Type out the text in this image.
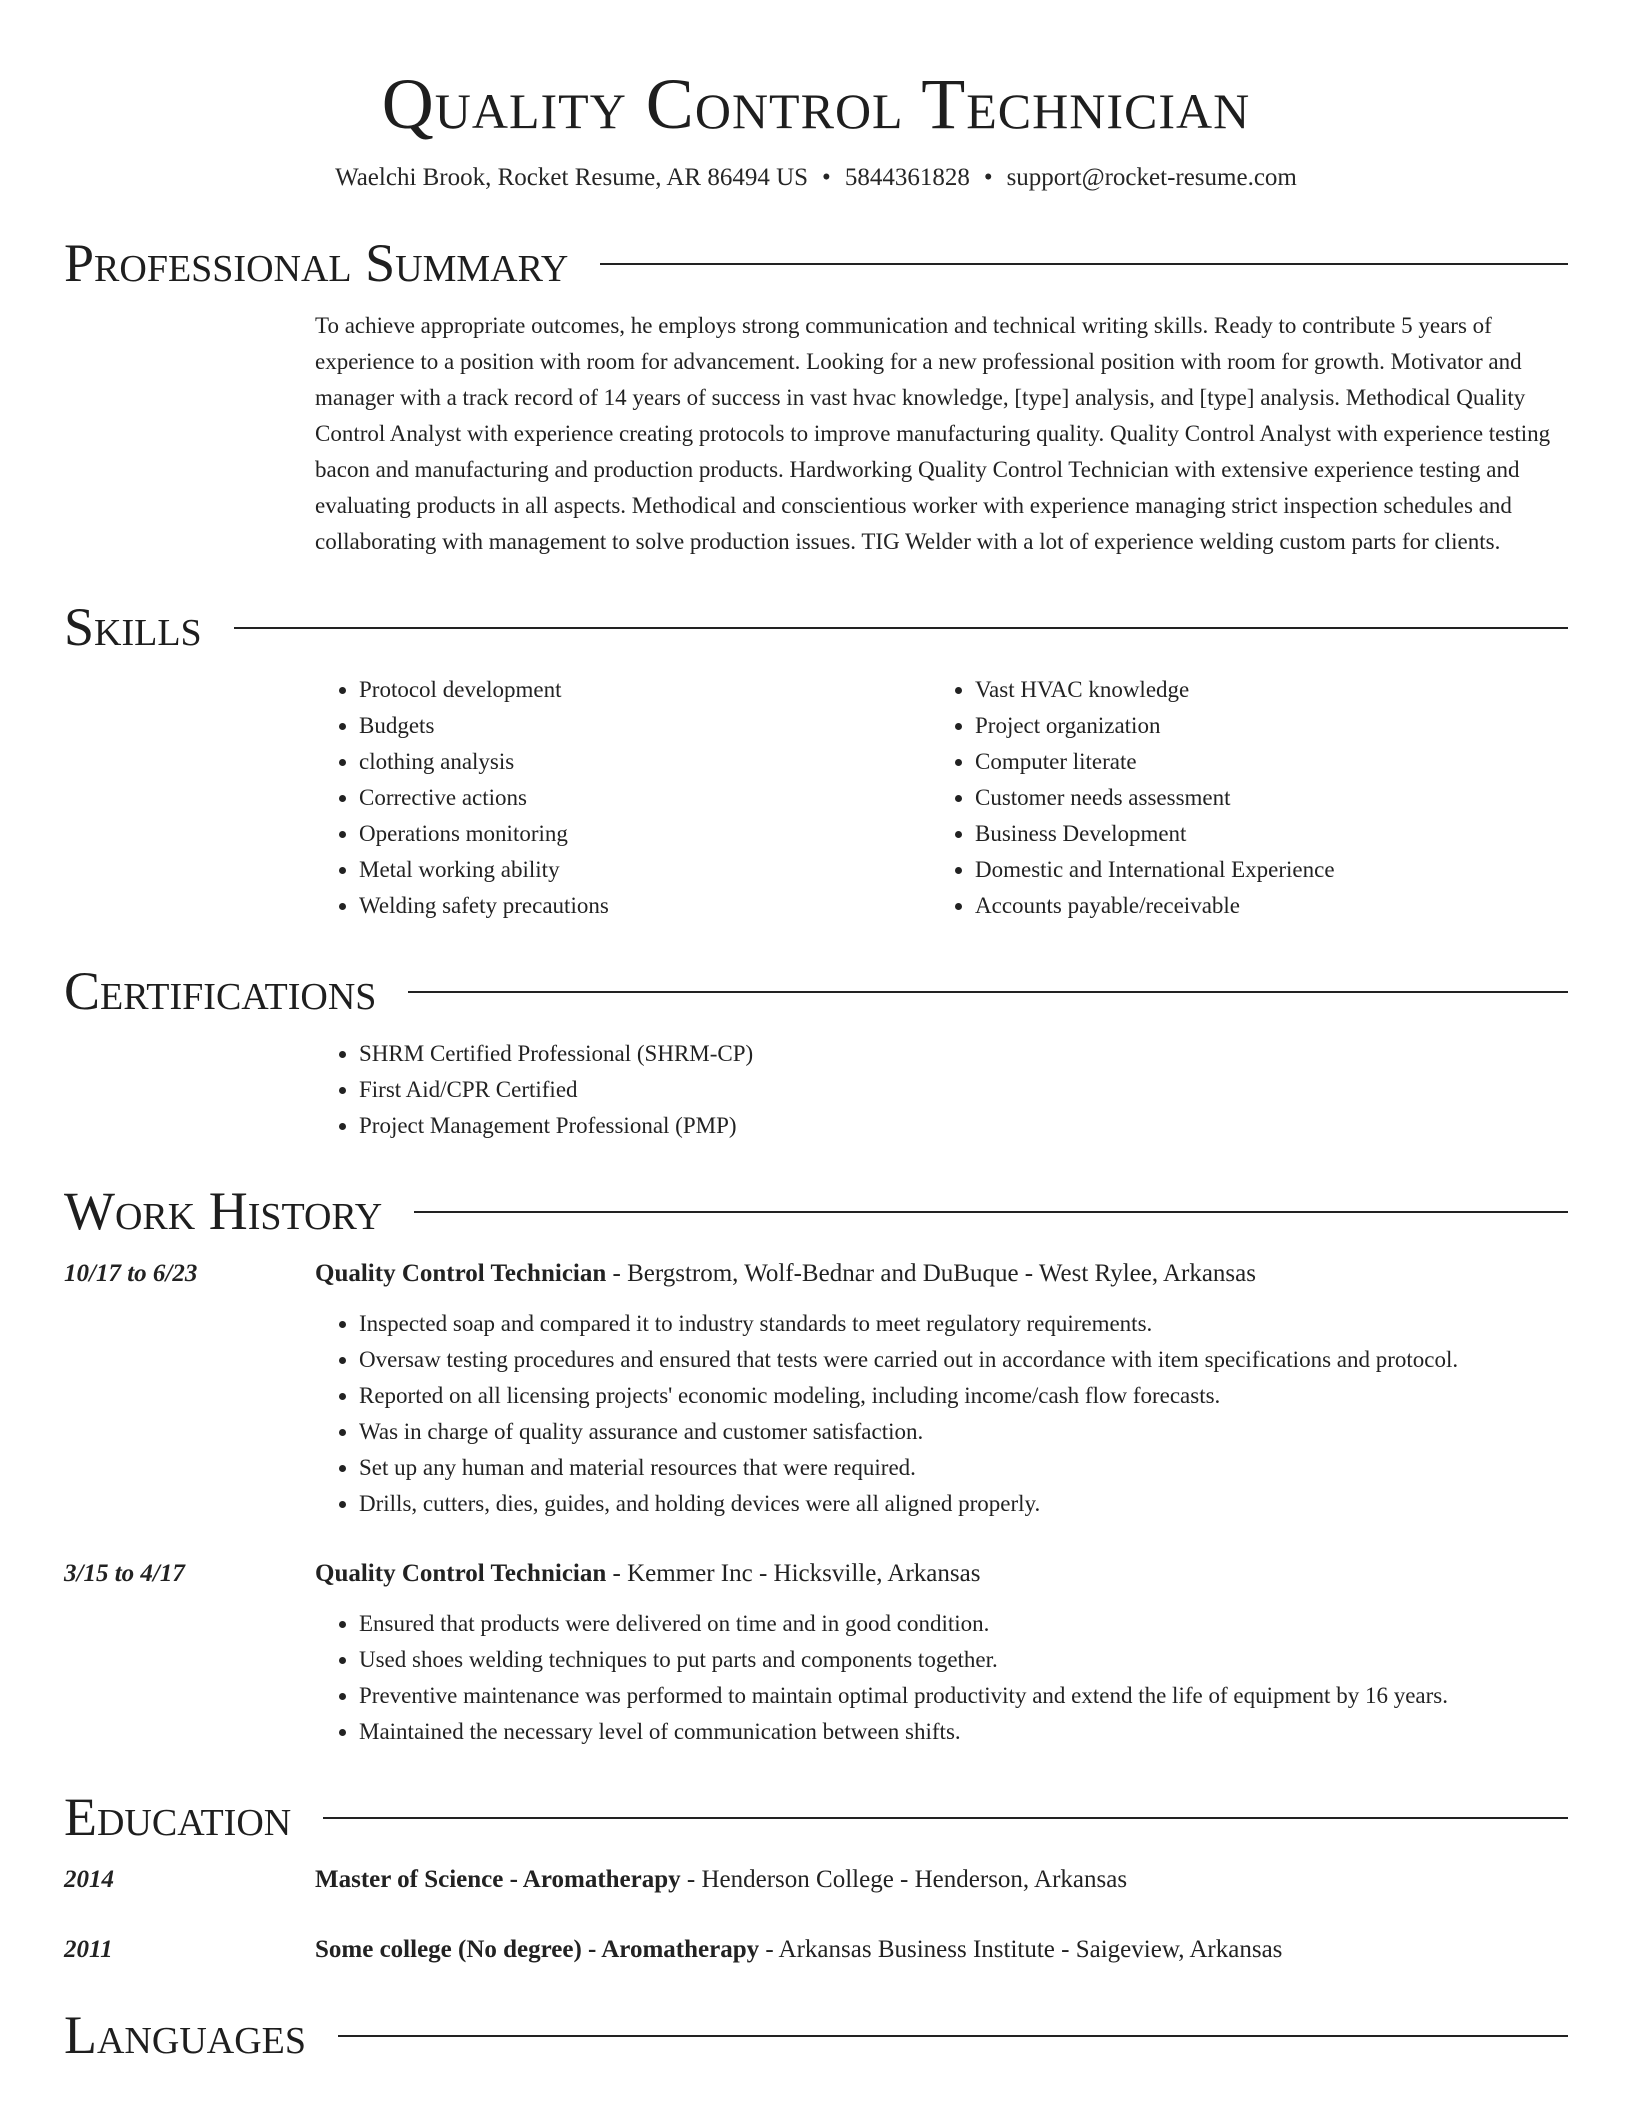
Quality Control Technician
Waelchi Brook, Rocket Resume, AR 86494 US • 5844361828 • support@rocket-resume.com
Professional Summary
To achieve appropriate outcomes, he employs strong communication and technical writing skills. Ready to contribute 5 years of experience to a position with room for advancement. Looking for a new professional position with room for growth. Motivator and manager with a track record of 14 years of success in vast hvac knowledge, [type] analysis, and [type] analysis. Methodical Quality Control Analyst with experience creating protocols to improve manufacturing quality. Quality Control Analyst with experience testing bacon and manufacturing and production products. Hardworking Quality Control Technician with extensive experience testing and evaluating products in all aspects. Methodical and conscientious worker with experience managing strict inspection schedules and collaborating with management to solve production issues. TIG Welder with a lot of experience welding custom parts for clients.
Skills
• Protocol development
• Budgets
• clothing analysis
• Corrective actions
• Operations monitoring
• Metal working ability
• Welding safety precautions
• Vast HVAC knowledge
• Project organization
• Computer literate
• Customer needs assessment
• Business Development
• Domestic and International Experience
• Accounts payable/receivable
Certifications
• SHRM Certified Professional (SHRM-CP)
• First Aid/CPR Certified
• Project Management Professional (PMP)
Work History
10/17 to 6/23	Quality Control Technician - Bergstrom, Wolf-Bednar and DuBuque - West Rylee, Arkansas
• Inspected soap and compared it to industry standards to meet regulatory requirements.
• Oversaw testing procedures and ensured that tests were carried out in accordance with item specifications and protocol.
• Reported on all licensing projects' economic modeling, including income/cash flow forecasts.
• Was in charge of quality assurance and customer satisfaction.
• Set up any human and material resources that were required.
• Drills, cutters, dies, guides, and holding devices were all aligned properly.
3/15 to 4/17	Quality Control Technician - Kemmer Inc - Hicksville, Arkansas
• Ensured that products were delivered on time and in good condition.
• Used shoes welding techniques to put parts and components together.
• Preventive maintenance was performed to maintain optimal productivity and extend the life of equipment by 16 years.
• Maintained the necessary level of communication between shifts.
Education
2014	Master of Science - Aromatherapy - Henderson College - Henderson, Arkansas
2011	Some college (No degree) - Aromatherapy - Arkansas Business Institute - Saigeview, Arkansas
Languages
